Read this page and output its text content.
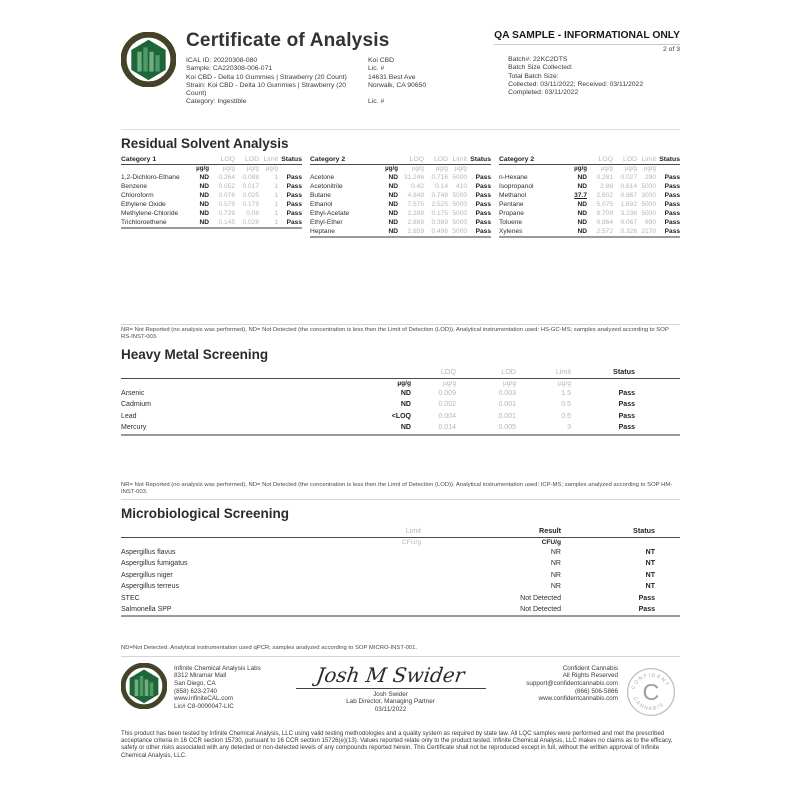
Certificate of Analysis
ICAL ID: 20220308-080
Sample: CA220308-006-071
Koi CBD - Delta 10 Gummies | Strawberry (20 Count)
Strain: Koi CBD - Delta 10 Gummies | Strawberry (20 Count)
Category: Ingestible
Koi CBD
Lic. #
14631 Best Ave
Norwalk, CA 90650
Lic. #
QA SAMPLE - INFORMATIONAL ONLY
2 of 3
Batch#: 22KC2DTS
Batch Size Collected:
Total Batch Size:
Collected: 03/11/2022; Received: 03/11/2022
Completed: 03/11/2022
Residual Solvent Analysis
Category 1		LOQ	LOD	Limit	Status
	µg/g	µg/g	µg/g	µg/g	
1,2-Dichloro-Ethane	ND	0.264	0.088	1	Pass
Benzene	ND	0.052	0.017	1	Pass
Chloroform	ND	0.076	0.025	1	Pass
Ethylene Oxide	ND	0.579	0.179	1	Pass
Methylene-Chloride	ND	0.729	0.08	1	Pass
Trichloroethene	ND	0.145	0.028	1	Pass
Category 2		LOQ	LOD	Limit	Status
	µg/g	µg/g	µg/g	µg/g	
Acetone	ND	31.246	0.716	5000	Pass
Acetonitrile	ND	0.42	0.14	410	Pass
Butane	ND	4.849	0.748	5000	Pass
Ethanol	ND	7.575	2.525	5000	Pass
Ethyl-Acetate	ND	2.288	0.175	5000	Pass
Ethyl-Ether	ND	2.869	0.389	5000	Pass
Heptane	ND	2.859	0.496	5000	Pass
Category 2		LOQ	LOD	Limit	Status
	µg/g	µg/g	µg/g	µg/g	
n-Hexane	ND	0.281	0.027	290	Pass
Isopropanol	ND	2.86	0.614	5000	Pass
Methanol	37.7	2.602	0.867	3000	Pass
Pentane	ND	5.075	1.692	5000	Pass
Propane	ND	9.709	3.236	5000	Pass
Toluene	ND	0.864	0.067	890	Pass
Xylenes	ND	2.572	0.326	2170	Pass
NR= Not Reported (no analysis was performed), ND= Not Detected (the concentration is less then the Limit of Detection (LOD)). Analytical instrumentation used: HS-GC-MS; samples analyzed according to SOP RS-INST-003.
Heavy Metal Screening
		LOQ	LOD	Limit	Status
	µg/g	µg/g	µg/g	µg/g	
Arsenic	ND	0.009	0.003	1.5	Pass
Cadmium	ND	0.002	0.001	0.5	Pass
Lead	<LOQ	0.004	0.001	0.5	Pass
Mercury	ND	0.014	0.005	3	Pass
NR= Not Reported (no analysis was performed), ND= Not Detected (the concentration is less then the Limit of Detection (LOD)). Analytical instrumentation used: ICP-MS; samples analyzed according to SOP HM-INST-003.
Microbiological Screening
	Limit	Result	Status
	CFU/g	CFU/g	
Aspergillus flavus		NR	NT
Aspergillus fumigatus		NR	NT
Aspergillus niger		NR	NT
Aspergillus terreus		NR	NT
STEC		Not Detected	Pass
Salmonella SPP		Not Detected	Pass
ND=Not Detected. Analytical instrumentation used qPCR; samples analyzed according to SOP MICRO-INST-001.
Infinite Chemical Analysis Labs
8312 Miramar Mall
San Diego, CA
(858) 623-2740
www.infiniteCAL.com
Lic# C8-0000047-LIC
Josh M Swider
Josh Swider
Lab Director, Managing Partner
03/11/2022
Confident Cannabis
All Rights Reserved
support@confidentcannabis.com
(866) 506-5866
www.confidentcannabis.com
CONFIDENT
CANNABIS
C
This product has been tested by Infinite Chemical Analysis, LLC using valid testing methodologies and a quality system as required by state law. All LQC samples were performed and met the prescribed acceptance criteria in 16 CCR section 15730, pursuant to 16 CCR section 15726(e)(13). Values reported relate only to the product tested. Infinite Chemical Analysis, LLC makes no claims as to the efficacy, safety or other risks associated with any detected or non-detected levels of any compounds reported herein. This Certificate shall not be reproduced except in full, without the written approval of Infinite Chemical Analysis, LLC.
